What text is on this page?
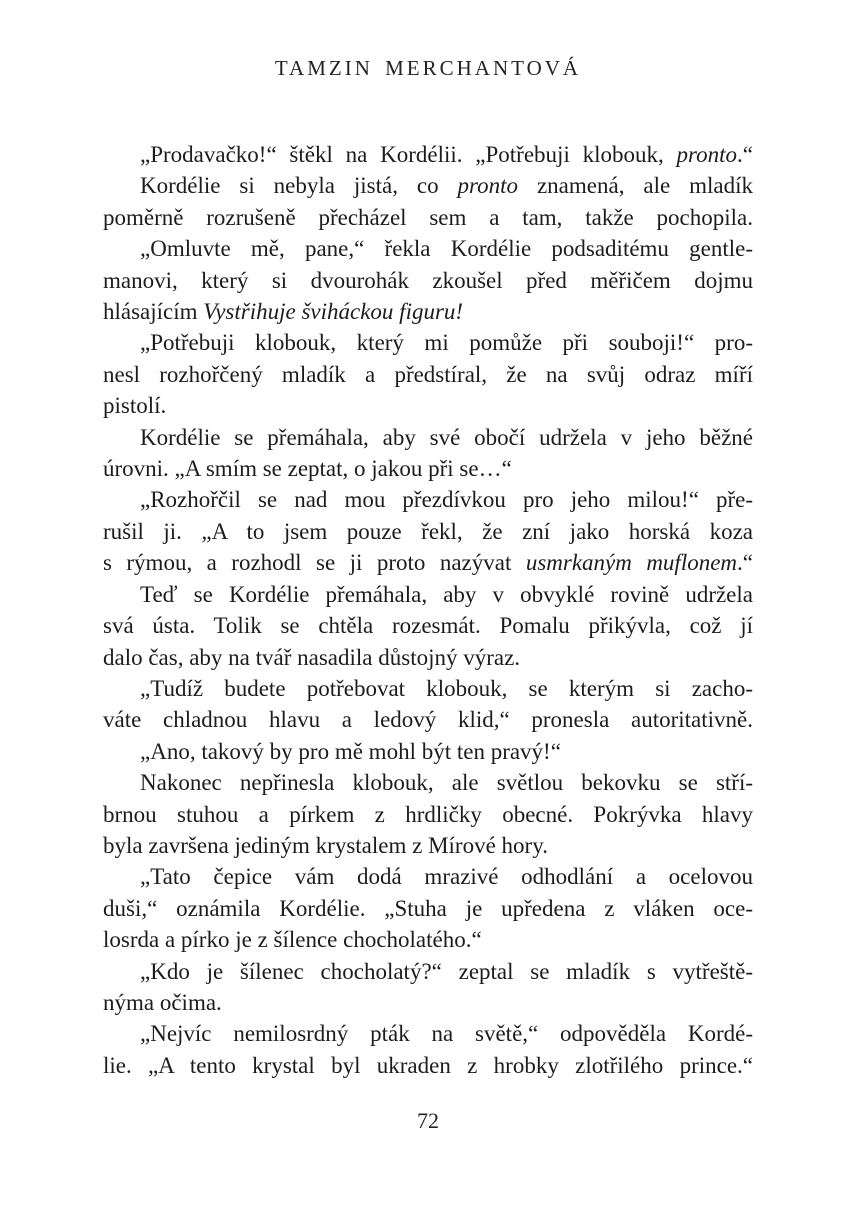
TAMZIN MERCHANTOVÁ
„Prodavačko!“ štěkl na Kordélii. „Potřebuji klobouk, pronto.“
Kordélie si nebyla jistá, co pronto znamená, ale mladík
poměrně rozrušeně přecházel sem a tam, takže pochopila.
„Omluvte mě, pane,“ řekla Kordélie podsaditému gentle-
manovi, který si dvourohák zkoušel před měřičem dojmu
hlásajícím Vystřihuje šviháckou figuru!
„Potřebuji klobouk, který mi pomůže při souboji!“ pro-
nesl rozhořčený mladík a předstíral, že na svůj odraz míří
pistolí.
Kordélie se přemáhala, aby své obočí udržela v jeho běžné
úrovni. „A smím se zeptat, o jakou při se…“
„Rozhořčil se nad mou přezdívkou pro jeho milou!“ pře-
rušil ji. „A to jsem pouze řekl, že zní jako horská koza
s rýmou, a rozhodl se ji proto nazývat usmrkaným muflonem.“
Teď se Kordélie přemáhala, aby v obvyklé rovině udržela
svá ústa. Tolik se chtěla rozesmát. Pomalu přikývla, což jí
dalo čas, aby na tvář nasadila důstojný výraz.
„Tudíž budete potřebovat klobouk, se kterým si zacho-
váte chladnou hlavu a ledový klid,“ pronesla autoritativně.
„Ano, takový by pro mě mohl být ten pravý!“
Nakonec nepřinesla klobouk, ale světlou bekovku se stří-
brnou stuhou a pírkem z hrdličky obecné. Pokrývka hlavy
byla završena jediným krystalem z Mírové hory.
„Tato čepice vám dodá mrazivé odhodlání a ocelovou
duši,“ oznámila Kordélie. „Stuha je upředena z vláken oce-
losrda a pírko je z šílence chocholatého.“
„Kdo je šílenec chocholatý?“ zeptal se mladík s vytřeště-
nýma očima.
„Nejvíc nemilosrdný pták na světě,“ odpověděla Kordé-
lie. „A tento krystal byl ukraden z hrobky zlotřilého prince.“
72
